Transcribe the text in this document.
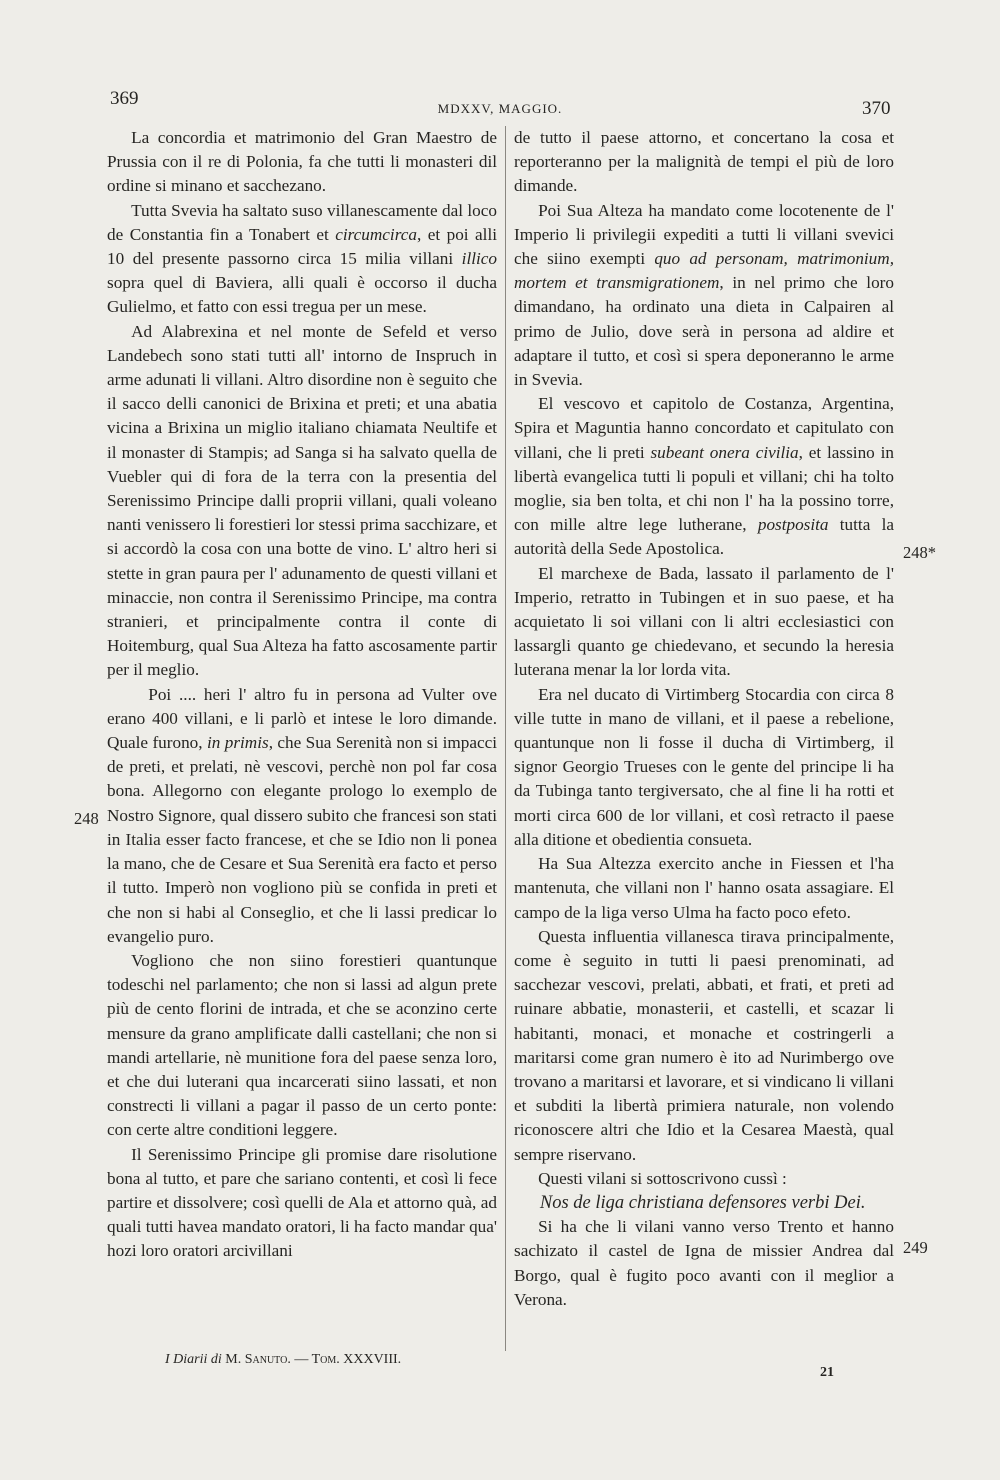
369	MDXXV, MAGGIO.	370

La concordia et matrimonio del Gran Maestro de Prussia con il re di Polonia, fa che tutti li monasteri dil ordine si minano et sacchezano.

Tutta Svevia ha saltato suso villanescamente dal loco de Constantia fin a Tonabert et circumcirca, et poi alli 10 del presente passorno circa 15 milia villani illico sopra quel di Baviera, alli quali è occorso il ducha Gulielmo, et fatto con essi tregua per un mese.

Ad Alabrexina et nel monte de Sefeld et verso Landebech sono stati tutti all' intorno de Inspruch in arme adunati li villani. Altro disordine non è seguito che il sacco delli canonici de Brixina et preti; et una abatia vicina a Brixina un miglio italiano chiamata Neultife et il monaster di Stampis; ad Sanga si ha salvato quella de Vuebler qui di fora de la terra con la presentia del Serenissimo Principe dalli proprii villani, quali voleano nanti venissero li forestieri lor stessi prima sacchizare, et si accordò la cosa con una botte de vino. L' altro heri si stette in gran paura per l' adunamento de questi villani et minaccie, non contra il Serenissimo Principe, ma contra stranieri, et principalmente contra il conte di Hoitemburg, qual Sua Alteza ha fatto ascosamente partir per il meglio.

Poi .... heri l' altro fu in persona ad Vulter ove erano 400 villani, e li parlò et intese le loro dimande. Quale furono, in primis, che Sua Serenità non si impacci de preti, et prelati, nè vescovi, perchè non pol far cosa bona. Allegorno con elegante prologo lo exemplo de Nostro Signore, qual dissero subito che francesi son stati in Italia esser facto francese, et che se Idio non li ponea la mano, che de Cesare et Sua Serenità era facto et perso il tutto. Imperò non vogliono più se confida in preti et che non si habi al Conseglio, et che li lassi predicar lo evangelio puro.

Vogliono che non siino forestieri quantunque todeschi nel parlamento; che non si lassi ad algun prete più de cento florini de intrada, et che se aconzino certe mensure da grano amplificate dalli castellani; che non si mandi artellarie, nè munitione fora del paese senza loro, et che dui luterani qua incarcerati siino lassati, et non constrecti li villani a pagar il passo de un certo ponte: con certe altre conditioni leggere.

Il Serenissimo Principe gli promise dare risolutione bona al tutto, et pare che sariano contenti, et così li fece partire et dissolvere; così quelli de Ala et attorno quà, ad quali tutti havea mandato oratori, li ha facto mandar qua' hozi loro oratori arcivillani

de tutto il paese attorno, et concertano la cosa et reporteranno per la malignità de tempi el più de loro dimande.

Poi Sua Alteza ha mandato come locotenente de l' Imperio li privilegii expediti a tutti li villani svevici che siino exempti quo ad personam, matrimonium, mortem et transmigrationem, in nel primo che loro dimandano, ha ordinato una dieta in Calpairen al primo de Julio, dove serà in persona ad aldire et adaptare il tutto, et così si spera deponeranno le arme in Svevia.

El vescovo et capitolo de Costanza, Argentina, Spira et Maguntia hanno concordato et capitulato con villani, che li preti subeant onera civilia, et lassino in libertà evangelica tutti li populi et villani; chi ha tolto moglie, sia ben tolta, et chi non l' ha la possino torre, con mille altre lege lutherane, postposita tutta la autorità della Sede Apostolica.

El marchexe de Bada, lassato il parlamento de l' Imperio, retratto in Tubingen et in suo paese, et ha acquietato li soi villani con li altri ecclesiastici con lassargli quanto ge chiedevano, et secundo la heresia luterana menar la lor lorda vita.

Era nel ducato di Virtimberg Stocardia con circa 8 ville tutte in mano de villani, et il paese a rebelione, quantunque non li fosse il ducha di Virtimberg, il signor Georgio Trueses con le gente del principe li ha da Tubinga tanto tergiversato, che al fine li ha rotti et morti circa 600 de lor villani, et così retracto il paese alla ditione et obedientia consueta.

Ha Sua Altezza exercito anche in Fiessen et l'ha mantenuta, che villani non l' hanno osata assagiare. El campo de la liga verso Ulma ha facto poco efeto.

Questa influentia villanesca tirava principalmente, come è seguito in tutti li paesi prenominati, ad sacchezar vescovi, prelati, abbati, et frati, et preti ad ruinare abbatie, monasterii, et castelli, et scazar li habitanti, monaci, et monache et costringerli a maritarsi come gran numero è ito ad Nurimbergo ove trovano a maritarsi et lavorare, et si vindicano li villani et subditi la libertà primiera naturale, non volendo riconoscere altri che Idio et la Cesarea Maestà, qual sempre riservano.

Questi vilani si sottoscrivono cussì :

Nos de liga christiana defensores verbi Dei.

Si ha che li vilani vanno verso Trento et hanno sachizato il castel de Igna de missier Andrea dal Borgo, qual è fugito poco avanti con il meglior a Verona.

248
248*
249
I Diarii di M. Sanuto. — Tom. XXXVIII.
21
